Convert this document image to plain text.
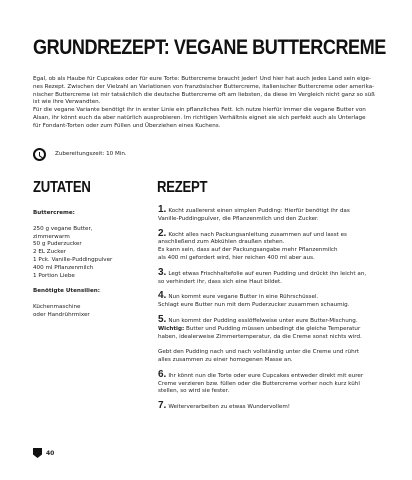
GRUNDREZEPT: VEGANE BUTTERCREME

Egal, ob als Haube für Cupcakes oder für eure Torte: Buttercreme braucht jeder! Und hier hat auch jedes Land sein eige-

nes Rezept. Zwischen der Vielzahl an Variationen von französischer Buttercreme, italienischer Buttercreme oder amerika-

nischer Buttercreme ist mir tatsächlich die deutsche Buttercreme oft am liebsten, da diese im Vergleich nicht ganz so süß

ist wie ihre Verwandten.

Für die vegane Variante benötigt ihr in erster Linie ein pflanzliches Fett. Ich nutze hierfür immer die vegane Butter von

Alsan, ihr könnt euch da aber natürlich ausprobieren. Im richtigen Verhältnis eignet sie sich perfekt auch als Unterlage

für Fondant-Torten oder zum Füllen und Überziehen eines Kuchens.

Zubereitungszeit: 10 Min.
ZUTATEN	REZEPT
Buttercreme:
250 g vegane Butter,
zimmerwarm
50 g Puderzucker
2 EL Zucker
1 Pck. Vanille-Puddingpulver
400 ml Pflanzenmilch
1 Portion Liebe
Benötigte Utensilien:
Küchenmaschine
oder Handrührmixer
1. Kocht zuallererst einen simplen Pudding: Hierfür benötigt ihr das
Vanille-Puddingpulver, die Pflanzenmilch und den Zucker.
2. Kocht alles nach Packungsanleitung zusammen auf und lasst es
anschließend zum Abkühlen draußen stehen.
Es kann sein, dass auf der Packungsangabe mehr Pflanzenmilch
als 400 ml gefordert wird, hier reichen 400 ml aber aus.
3. Legt etwas Frischhaltefolie auf euren Pudding und drückt ihn leicht an,
so verhindert ihr, dass sich eine Haut bildet.
4. Nun kommt eure vegane Butter in eine Rührschüssel.
Schlagt eure Butter nun mit dem Puderzucker zusammen schaumig.
5. Nun kommt der Pudding esslöffelweise unter eure Butter-Mischung.
Wichtig: Butter und Pudding müssen unbedingt die gleiche Temperatur
haben, idealerweise Zimmertemperatur, da die Creme sonst nichts wird.

Gebt den Pudding nach und nach vollständig unter die Creme und rührt
alles zusammen zu einer homogenen Masse an.
6. Ihr könnt nun die Torte oder eure Cupcakes entweder direkt mit eurer
Creme verzieren bzw. füllen oder die Buttercreme vorher noch kurz kühl
stellen, so wird sie fester.
7. Weiterverarbeiten zu etwas Wundervollem!
40
